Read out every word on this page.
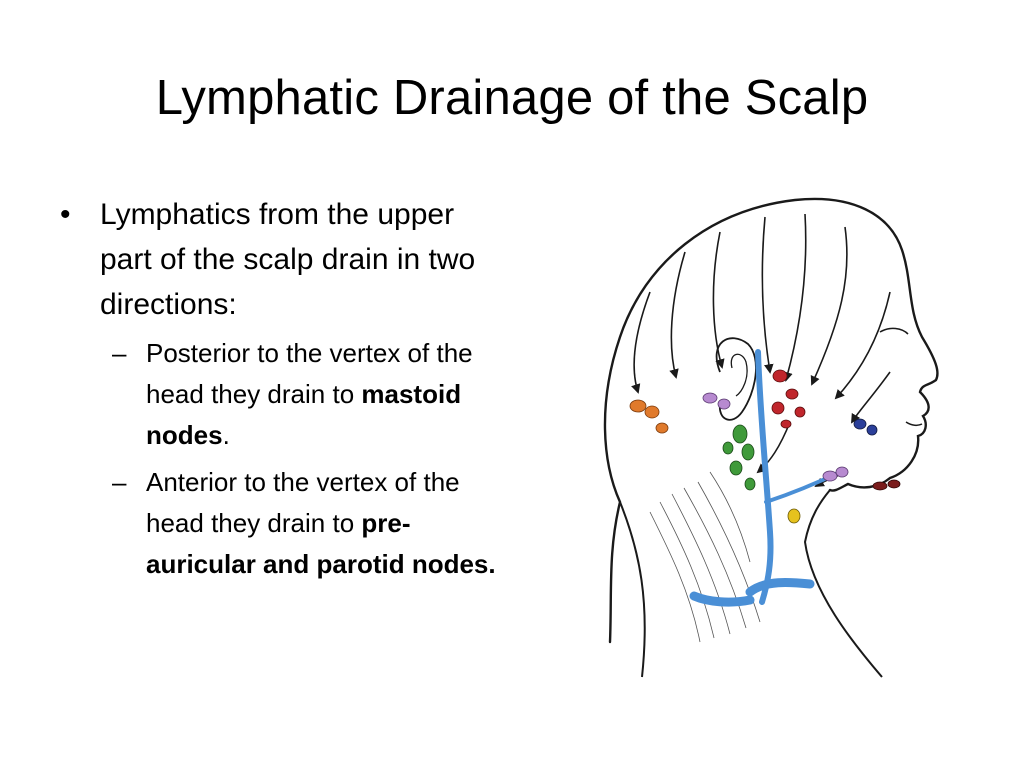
Lymphatic Drainage of the Scalp

• Lymphatics from the upper part of the scalp drain in two directions:

– Posterior to the vertex of the head they drain to mastoid nodes.

– Anterior to the vertex of the head they drain to pre-auricular and parotid nodes.
